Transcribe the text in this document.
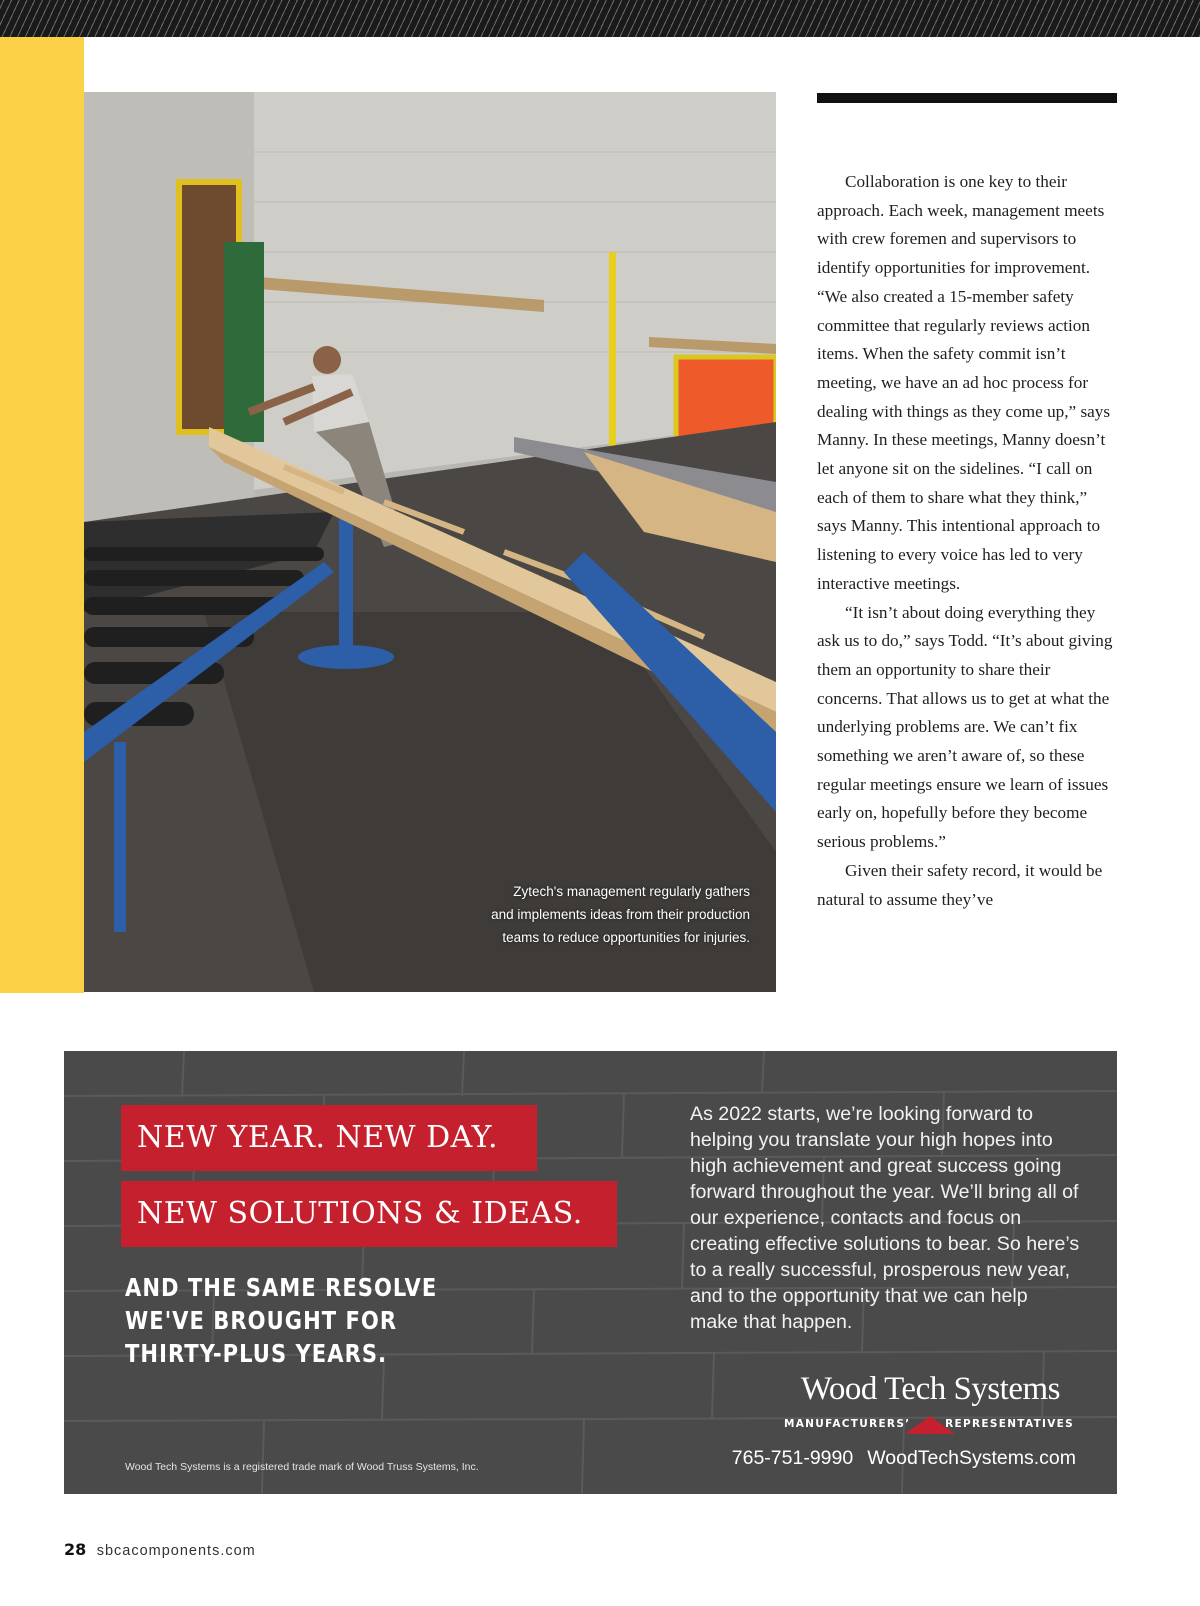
Zytech's management regularly gathers and implements ideas from their production teams to reduce opportunities for injuries.

Collaboration is one key to their approach. Each week, management meets with crew foremen and supervisors to identify opportunities for improvement. “We also created a 15-member safety committee that regularly reviews action items. When the safety commit isn’t meeting, we have an ad hoc process for dealing with things as they come up,” says Manny. In these meetings, Manny doesn’t let anyone sit on the sidelines. “I call on each of them to share what they think,” says Manny. This intentional approach to listening to every voice has led to very interactive meetings.

“It isn’t about doing everything they ask us to do,” says Todd. “It’s about giving them an opportunity to share their concerns. That allows us to get at what the underlying problems are. We can’t fix something we aren’t aware of, so these regular meetings ensure we learn of issues early on, hopefully before they become serious problems.”

Given their safety record, it would be natural to assume they’ve

NEW YEAR. NEW DAY.
NEW SOLUTIONS & IDEAS.
AND THE SAME RESOLVE WE'VE BROUGHT FOR THIRTY-PLUS YEARS.
As 2022 starts, we’re looking forward to helping you translate your high hopes into high achievement and great success going forward throughout the year. We’ll bring all of our experience, contacts and focus on creating effective solutions to bear. So here’s to a really successful, prosperous new year, and to the opportunity that we can help make that happen.
Wood Tech Systems
MANUFACTURERS’	REPRESENTATIVES
765-751-9990 WoodTechSystems.com
Wood Tech Systems is a registered trade mark of Wood Truss Systems, Inc.
28 sbcacomponents.com
